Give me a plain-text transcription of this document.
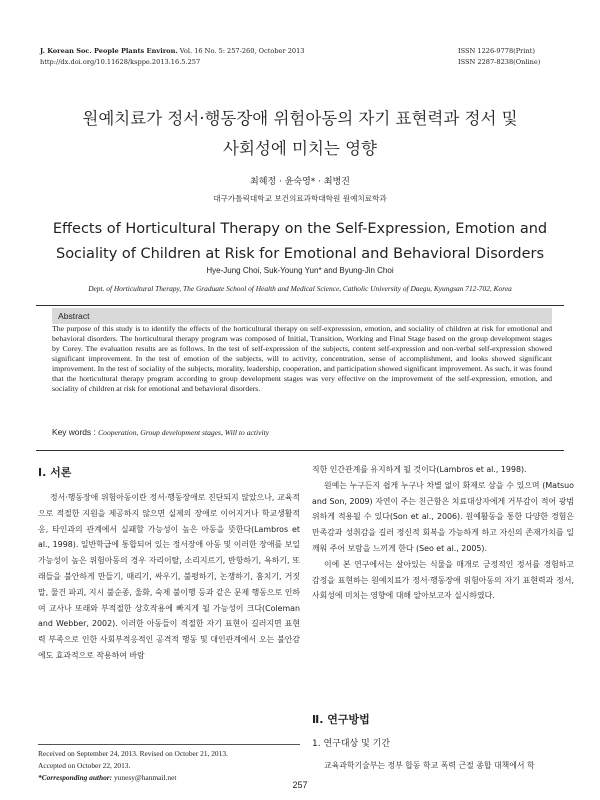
J. Korean Soc. People Plants Environ. Vol. 16 No. 5: 257-260, October 2013
http://dx.doi.org/10.11628/ksppe.2013.16.5.257
ISSN 1226-9778(Print)
ISSN 2287-8238(Online)
원예치료가 정서·행동장애 위험아동의 자기 표현력과 정서 및
사회성에 미치는 영향
최혜정 · 윤숙영* · 최병진
대구가톨릭대학교 보건의료과학대학원 원예치료학과
Effects of Horticultural Therapy on the Self-Expression, Emotion and
Sociality of Children at Risk for Emotional and Behavioral Disorders
Hye-Jung Choi, Suk-Young Yun* and Byung-Jin Choi
Dept. of Horticultural Therapy, The Graduate School of Health and Medical Science, Catholic University of Daegu, Kyungsan 712-702, Korea
Abstract
The purpose of this study is to identify the effects of the horticultural therapy on self-expresssion, emotion, and sociality of children at risk for emotional and behavioral disorders. The horticultural therapy program was composed of Initial, Transition, Working and Final Stage based on the group development stages by Corey. The evaluation results are as follows. In the test of self-expression of the subjects, content self-expression and non-verbal self-expression showed significant improvement. In the test of emotion of the subjects, will to activity, concentration, sense of accomplishment, and looks showed significant improvement. In the test of sociality of the subjects, morality, leadership, cooperation, and participation showed significant improvement. As such, it was found that the horticultural therapy program according to group development stages was very effective on the improvement of the self-expression, emotion, and sociality of children at risk for emotional and behavioral disorders.
Key words : Cooperation, Group development stages, Will to activity
Ⅰ. 서론
정서·행동장애 위험아동이란 정서·행동장애로 진단되지 않았으나, 교육적으로 적절한 지원을 제공하지 않으면 실제의 장애로 이어지거나 학교생활적응, 타인과의 관계에서 실패할 가능성이 높은 아동을 뜻한다(Lambros et al., 1998). 일반학급에 통합되어 있는 정서장애 아동 및 이러한 장애를 보일 가능성이 높은 위험아동의 경우 자리이탈, 소리지르기, 반항하기, 욕하기, 또래들을 불안하게 만들기, 때리기, 싸우기, 불평하기, 논쟁하기, 훔치기, 거짓말, 물건 파괴, 지시 불순종, 울화, 숙제 불이행 등과 같은 문제 행동으로 인하여 교사나 또래와 부적절한 상호작용에 빠지게 될 가능성이 크다(Coleman and Webber, 2002). 이러한 아동들이 적절한 자기 표현이 길러지면 표현력 부족으로 인한 사회부적응적인 공격적 행동 및 대인관계에서 오는 불안감에도 효과적으로 작용하여 바람
직한 인간관계를 유지하게 될 것이다(Lambros et al., 1998).
원예는 누구든지 쉽게 누구나 차별 없이 화제로 삼을 수 있으며 (Matsuo and Son, 2009) 자연이 주는 친근함은 치료대상자에게 거부감이 적어 광범위하게 적용될 수 있다(Son et al., 2006). 원예활동을 통한 다양한 경험은 만족감과 성취감을 길러 정신적 회복을 가능하게 하고 자신의 존재가치를 일깨워 주어 보람을 느끼게 한다 (Seo et al., 2005).
이에 본 연구에서는 살아있는 식물을 매개로 긍정적인 정서를 경험하고 감정을 표현하는 원예치료가 정서·행동장애 위험아동의 자기 표현력과 정서, 사회성에 미치는 영향에 대해 알아보고자 실시하였다.
Ⅱ. 연구방법
1. 연구대상 및 기간
교육과학기술부는 정부 합동 학교 폭력 근절 종합 대책에서 학
Received on September 24, 2013. Revised on October 21, 2013.
Accepted on October 22, 2013.
*Corresponding author: yunesy@hanmail.net
257
